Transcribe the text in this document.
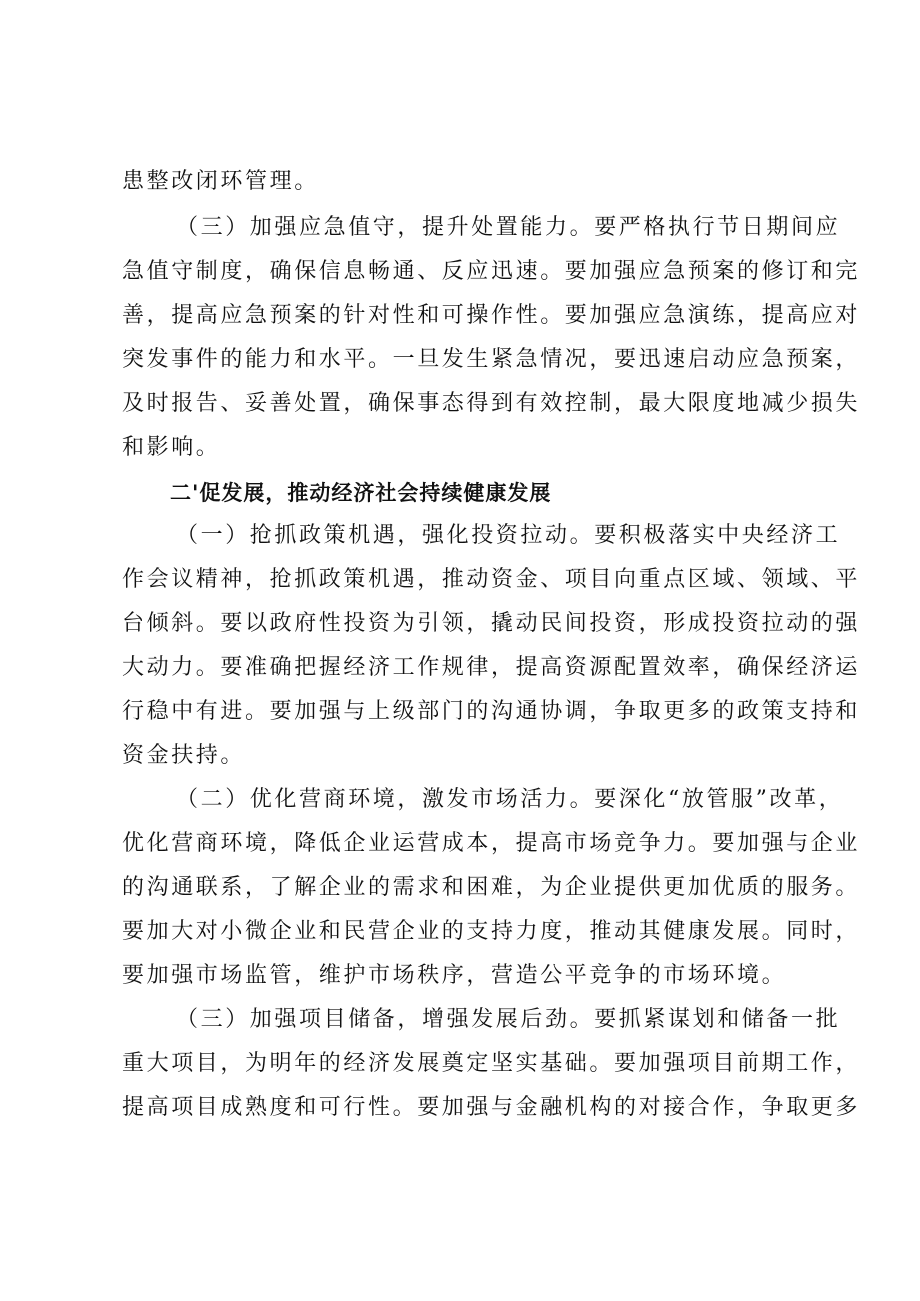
患整改闭环管理。
（三）加强应急值守，提升处置能力。要严格执行节日期间应
急值守制度，确保信息畅通、反应迅速。要加强应急预案的修订和完
善，提高应急预案的针对性和可操作性。要加强应急演练，提高应对
突发事件的能力和水平。一旦发生紧急情况，要迅速启动应急预案，
及时报告、妥善处置，确保事态得到有效控制，最大限度地减少损失
和影响。
二'促发展，推动经济社会持续健康发展
（一）抢抓政策机遇，强化投资拉动。要积极落实中央经济工
作会议精神，抢抓政策机遇，推动资金、项目向重点区域、领域、平
台倾斜。要以政府性投资为引领，撬动民间投资，形成投资拉动的强
大动力。要准确把握经济工作规律，提高资源配置效率，确保经济运
行稳中有进。要加强与上级部门的沟通协调，争取更多的政策支持和
资金扶持。
（二）优化营商环境，激发市场活力。要深化“放管服”改革，
优化营商环境，降低企业运营成本，提高市场竞争力。要加强与企业
的沟通联系，了解企业的需求和困难，为企业提供更加优质的服务。
要加大对小微企业和民营企业的支持力度，推动其健康发展。同时，
要加强市场监管，维护市场秩序，营造公平竞争的市场环境。
（三）加强项目储备，增强发展后劲。要抓紧谋划和储备一批
重大项目，为明年的经济发展奠定坚实基础。要加强项目前期工作，
提高项目成熟度和可行性。要加强与金融机构的对接合作，争取更多
